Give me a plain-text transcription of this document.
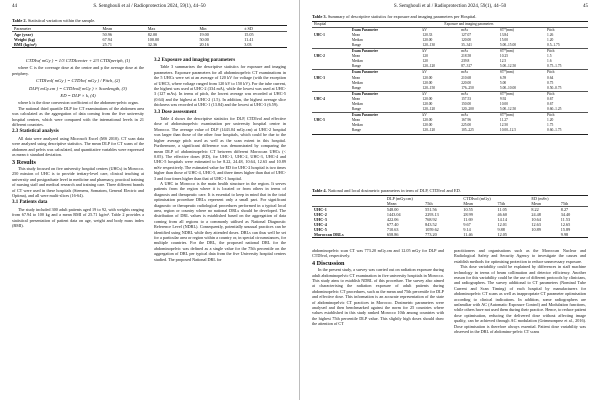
44	S. Semghouli et al / Radioprotection 2024, 59(1), 44–50
Table 2. Statistical variation within the sample.
Parameter	Mean	Max	Min	± SD
Age (year)	50.96	82.00	19.00	15.05
Weight (kg)	67.94	100.00	50.00	11.41
BMI (kg/m²)	25.71	32.36	20.16	3.03
CTDIw( mGy ) = 1/3 CTDIcenter + 2/3 CTDIperiph, (1)
where C is the coverage dose at the centre and p the average dose at the periphery.
CTDIvol( mGy ) = CTDIw( mGy ) / Pitch, (2)
DLP( mGy.cm ) = CTDIvol( mGy ) × Scanlength, (3)
ED = DLP × k, (4)
where k is the dose conversion coefficient of the abdomen-pelvic organ.
The national third quartile DLP for CT examinations of the abdomen area was calculated as the aggregation of data coming from the five university hospital centres, which were compared with the international levels in 21 different countries.
2.3 Statistical analysis
All data were analyzed using Microsoft Excel (MS 2010). CT scan data were analyzed using descriptive statistics. The mean DLP for CT scans of the abdomen and pelvis was calculated, and quantitative variables were expressed as mean ± standard deviation.
3 Results
This study focused on five university hospital centres (UHCs) in Morocco. 250 mission of UHC is to provide tertiary-level care, clinical teaching at university and postgraduate level in medicine and pharmacy, practical training of nursing staff and medical research and training care. Three different brands of CT were used in these hospitals (Siemens, Somatom, General Electric and Optima), and all were multi-slices (16-64).
3.1 Patients data
The study included 300 adult patients aged 19 to 92, with weights ranging from 67.94 to 100 kg and a mean BMI of 25.71 kg/m². Table 2 provides a statistical presentation of patient data on age, weight and body mass index (BMI).
3.2 Exposure and imaging parameters
Table 3 summarises the descriptive statistics for exposure and imaging parameters. Exposure parameters for all abdominopelvic CT examinations in the 5 UHCs were set at an average of 120 kV for voltage (with the exception of UHC3, where voltage ranged from 120 kV to 150 kV). For the tube current, the highest was used at UHC-2 (334 mA), while the lowest was used at UHC-3 (127 mAs). In terms of pitch, the lowest average was recorded at UHC-5 (0.64) and the highest at UHC-2 (1.5). In addition, the highest average slice thickness was recorded at UHC-1 (13.84) and the lowest at UHC-3 (6.59).
3.3 Dose assessment
Table 4 shows the descriptive statistics for DLP, CTDIvol and effective dose of abdominopelvic examination per university hospital centre in Morocco. The average value of DLP (1443.04 mGy.cm) at UHC-2 hospital was larger than those of the other four hospitals, which could be due to the higher average pitch used as well as the scan extent in this hospital. Furthermore, a significant difference was demonstrated by comparing the mean DLP of abdominopelvic CT between different Moroccan UHCs (< 0.05). The effective doses (ED), for UHC-1, UHC-2, UHC-3, UHC-4 and UHC-5 hospitals were estimated to be 8.22, 24.48, 10.64, 12.63 and 10.89 mSv respectively. The estimated value for ED for UHC-2 hospital is two times higher than those of UHC-4, UHC-5, and three times higher than that of UHC-3 and four times higher than that of UHC-1 hospital.
A UHC in Morocco is the main health structure in the region. It serves patients from the region where it is located or from others in terms of diagnosis and therapeutic care. It is essential to keep in mind that in the total optimisation procedure DRLs represent only a small part. For significant diagnostic or therapeutic radiological procedures performed in a typical local area, region or country where no national DRLs should be developed. The distribution of DRL values is established based on the aggregation of data coming from all regions to a commonly utilised as National Diagnostic Reference Level (NDRL). Consequently, potentially unusual practices can be identified using NDRL while they attended doses. DRLs can thus well be set for a particular area or region within a country or, in special circumstances, for multiple countries. For the DRL, the proposed national DRL for the abdominopelvic was defined as a single value for the 75th percentile on the aggregation of DRL per typical data from the five University hospital centers studied. The proposed National DRL for
S. Semghouli et al / Radioprotection 2024, 59(1), 44–50	45
Table 3. Summary of descriptive statistics for exposure and imaging parameters per Hospital.
Hospital	Exposure and imaging parameters				
	Exam Parameter	kV	mAs	ST*(mm)	Pitch
UHC-1	Mean	120.33	127.07	13.84	1.26
	Median	120.00	120.00	15.00	1.20
	Range	120–130	35–341	5.00–15.00	0.5–1.75
	Exam Parameter	kV	mAs	ST*(mm)	Pitch
UHC-2	Mean	120	218.58	10.25	1.5
	Median	120	239.8	12.5	1.6
	Range	120–120	87–317	5.00–12.50	0.75–1.75
	Exam Parameter	kV	mAs	ST*(mm)	Pitch
UHC-3	Mean	120.00	210.68	6.59	0.64
	Median	120.00	220.00	5.00	0.75
	Range	120–150	176–250	5.00–10.00	0.50–0.75
	Exam Parameter	kV	mAs	ST*(mm)	Pitch
UHC-4	Mean	120.00	157.53	9.92	0.67
	Median	120.00	150.00	10.00	0.67
	Range	120–120	120–200	5.00–12.50	0.60–1.25
	Exam Parameter	kV	mAs	ST*(mm)	Pitch
UHC-5	Mean	120.00	167.96	11.27	1.20
	Median	120.00	225.00	12.50	1.75
	Range	120–120	105–225	10.00–12.5	0.60–1.75
Table 4. National and local dosimetric parameters in term of DLP, CTDIvol and ED.
	DLP (mGy.cm)		CTDIvol (mGy)		ED (mSv)	
	Mean	75th	Mean	75th	Mean	75th
UHC-1	548.00	551.56	10.55	11.05	8.22	8.27
UHC-2	1443.04	2293.13	28.99	46.60	24.48	34.40
UHC-3	422.06	768.92	11.69	14.14	10.64	11.53
UHC-4	677.40	843.52	9.67	12.01	12.63	12.65
UHC-5	710.63	1059.62	9.14	9.88	10.89	15.89
Moroccan DRLs	658.86	773.20	11.46	12.05		9.98
abdominopelvic scan CT was 773.20 mGy.cm and 12.05 mGy for DLP and CTDIvol, respectively.
4 Discussion
In the present study, a survey was carried out on radiation exposure during adult abdominopelvic CT examination in five university hospitals in Morocco. This study aims to establish NDRL of this procedure. The survey also aimed at characterising the radiation exposure of adult patients during abdominopelvic CT procedures, such as the mean and 75th percentile for DLP and effective dose. This information is an accurate representation of the state of abdominopelvic CT practices in Morocco. Dosimetric parameters were analysed and then benchmarked against the norm for 25 countries where values established in this study ranked Morocco 10th among countries with the highest 75th percentile DLP value. This slightly high doses should draw the attention of CT
practitioners and organisations such as the Moroccan Nuclear and Radiological Safety and Security Agency to investigate the causes and establish methods for optimising protection to reduce unnecessary exposure.
This dose variability could be explained by differences in staff machine technology in terms of beam collimation and detector efficiency. Another reason for this variability could be the use of different protocols by clinicians, and radiographers. The survey additional to CT parameters (Nominal Tube Current and Scan Timing) of each hospital by manufacturers for abdominopelvic CT scans as well as inappropriate CT parameter optimisation according to clinical indications. In addition, some radiographers are unfamiliar with AC (Automatic Exposure Control) and Modulation functions, while others have not used them during their practice. Hence, to reduce patient dose optimisation, reducing the delivered dose without affecting image quality, can be achieved through AC modulation (Grimmonprez et al., 2016). Dose optimisation is therefore always essential. Patient dose variability was observed in the DRL of abdomino-pelvic CT scans
